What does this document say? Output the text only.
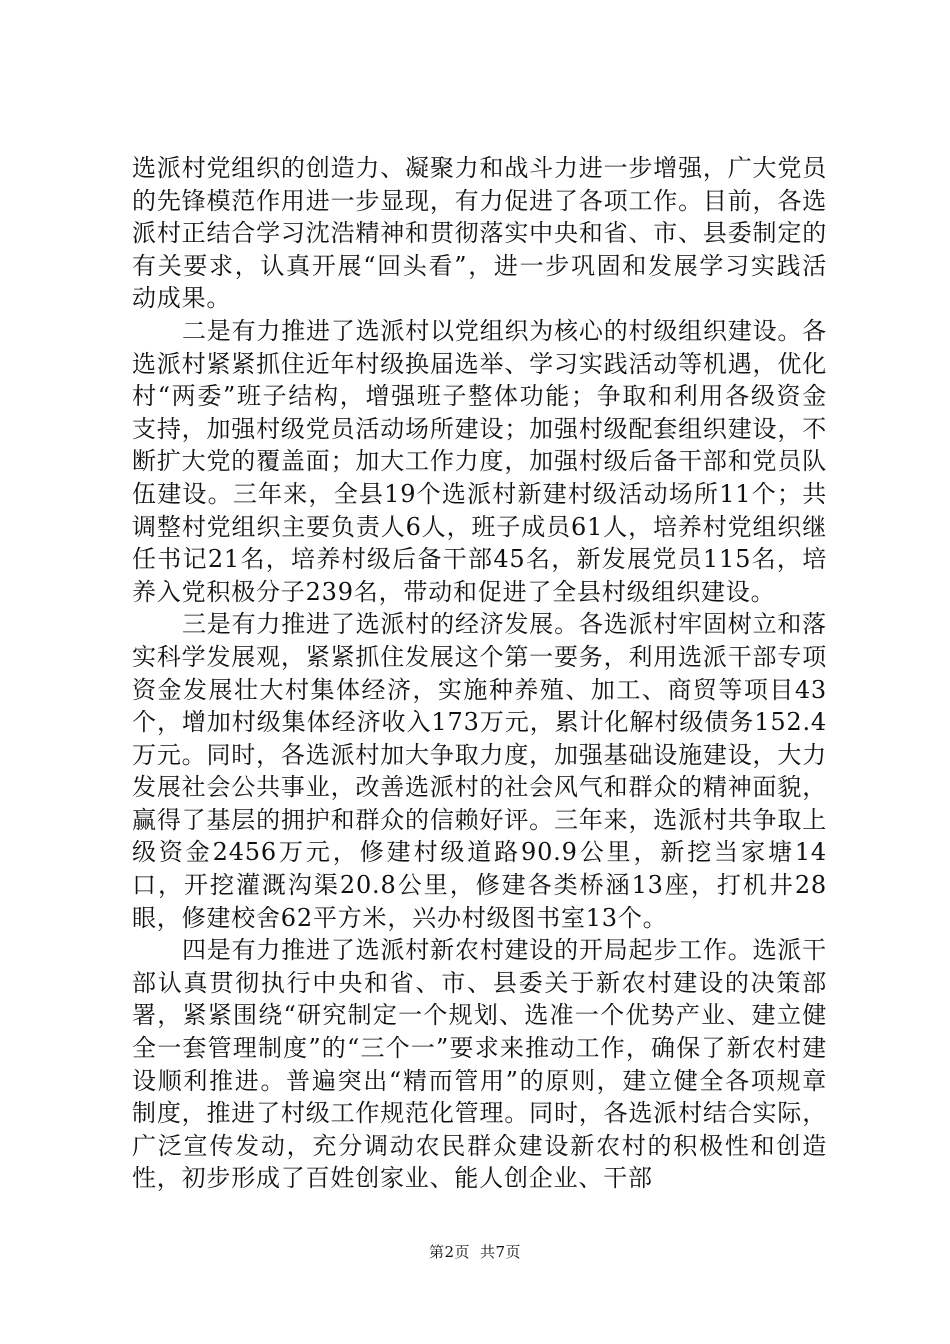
选派村党组织的创造力、凝聚力和战斗力进一步增强，广大党员的先锋模范作用进一步显现，有力促进了各项工作。目前，各选派村正结合学习沈浩精神和贯彻落实中央和省、市、县委制定的有关要求，认真开展“回头看”，进一步巩固和发展学习实践活动成果。

二是有力推进了选派村以党组织为核心的村级组织建设。各选派村紧紧抓住近年村级换届选举、学习实践活动等机遇，优化村“两委”班子结构，增强班子整体功能；争取和利用各级资金支持，加强村级党员活动场所建设；加强村级配套组织建设，不断扩大党的覆盖面；加大工作力度，加强村级后备干部和党员队伍建设。三年来，全县19个选派村新建村级活动场所11个；共调整村党组织主要负责人6人，班子成员61人，培养村党组织继任书记21名，培养村级后备干部45名，新发展党员115名，培养入党积极分子239名，带动和促进了全县村级组织建设。

三是有力推进了选派村的经济发展。各选派村牢固树立和落实科学发展观，紧紧抓住发展这个第一要务，利用选派干部专项资金发展壮大村集体经济，实施种养殖、加工、商贸等项目43个，增加村级集体经济收入173万元，累计化解村级债务152.4万元。同时，各选派村加大争取力度，加强基础设施建设，大力发展社会公共事业，改善选派村的社会风气和群众的精神面貌，赢得了基层的拥护和群众的信赖好评。三年来，选派村共争取上级资金2456万元，修建村级道路90.9公里，新挖当家塘14口，开挖灌溉沟渠20.8公里，修建各类桥涵13座，打机井28眼，修建校舍62平方米，兴办村级图书室13个。

四是有力推进了选派村新农村建设的开局起步工作。选派干部认真贯彻执行中央和省、市、县委关于新农村建设的决策部署，紧紧围绕“研究制定一个规划、选准一个优势产业、建立健全一套管理制度”的“三个一”要求来推动工作，确保了新农村建设顺利推进。普遍突出“精而管用”的原则，建立健全各项规章制度，推进了村级工作规范化管理。同时，各选派村结合实际，广泛宣传发动，充分调动农民群众建设新农村的积极性和创造性，初步形成了百姓创家业、能人创企业、干部

第2页 共7页
